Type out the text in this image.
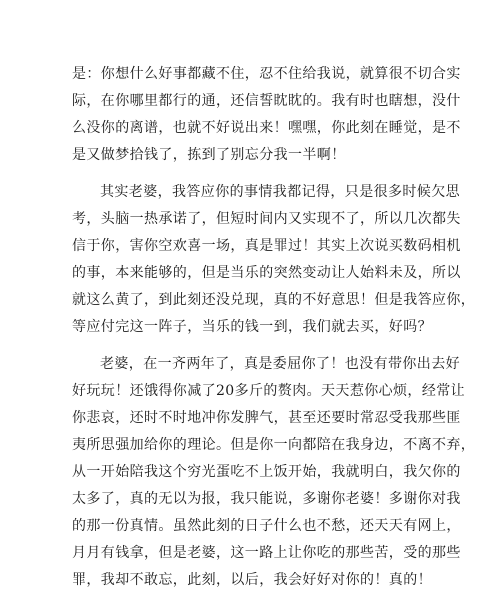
是：你想什么好事都藏不住，忍不住给我说，就算很不切合实
际，在你哪里都行的通，还信誓眈眈的。我有时也瞎想，没什
么没你的离谱，也就不好说出来！嘿嘿，你此刻在睡觉，是不
是又做梦拾钱了，拣到了别忘分我一半啊！

其实老婆，我答应你的事情我都记得，只是很多时候欠思
考，头脑一热承诺了，但短时间内又实现不了，所以几次都失
信于你，害你空欢喜一场，真是罪过！其实上次说买数码相机
的事，本来能够的，但是当乐的突然变动让人始料未及，所以
就这么黄了，到此刻还没兑现，真的不好意思！但是我答应你，
等应付完这一阵子，当乐的钱一到，我们就去买，好吗？

老婆，在一齐两年了，真是委屈你了！也没有带你出去好
好玩玩！还饿得你减了20多斤的赘肉。天天惹你心烦，经常让
你悲哀，还时不时地冲你发脾气，甚至还要时常忍受我那些匪
夷所思强加给你的理论。但是你一向都陪在我身边，不离不弃，
从一开始陪我这个穷光蛋吃不上饭开始，我就明白，我欠你的
太多了，真的无以为报，我只能说，多谢你老婆！多谢你对我
的那一份真情。虽然此刻的日子什么也不愁，还天天有网上，
月月有钱拿，但是老婆，这一路上让你吃的那些苦，受的那些
罪，我却不敢忘，此刻，以后，我会好好对你的！真的！
